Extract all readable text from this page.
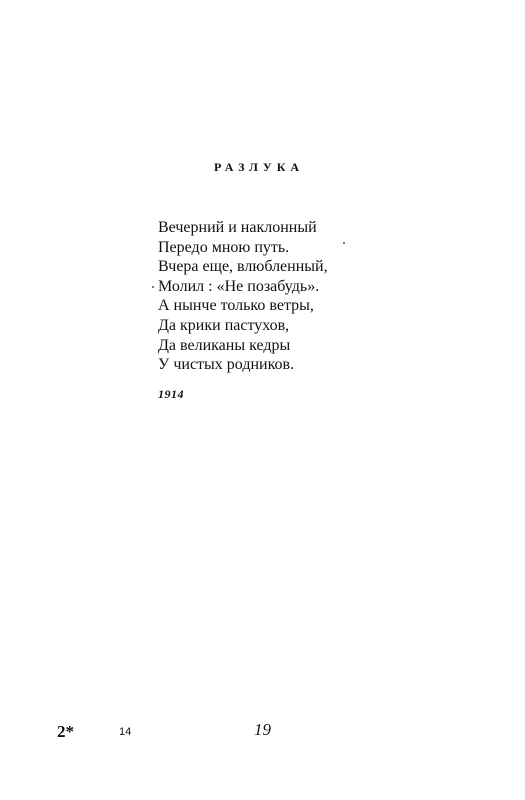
РАЗЛУКА
Вечерний и наклонный
Передо мною путь.
Вчера еще, влюбленный,
Молил : «Не позабудь».
А нынче только ветры,
Да крики пастухов,
Да великаны кедры
У чистых родников.
1914
2*	14	19
